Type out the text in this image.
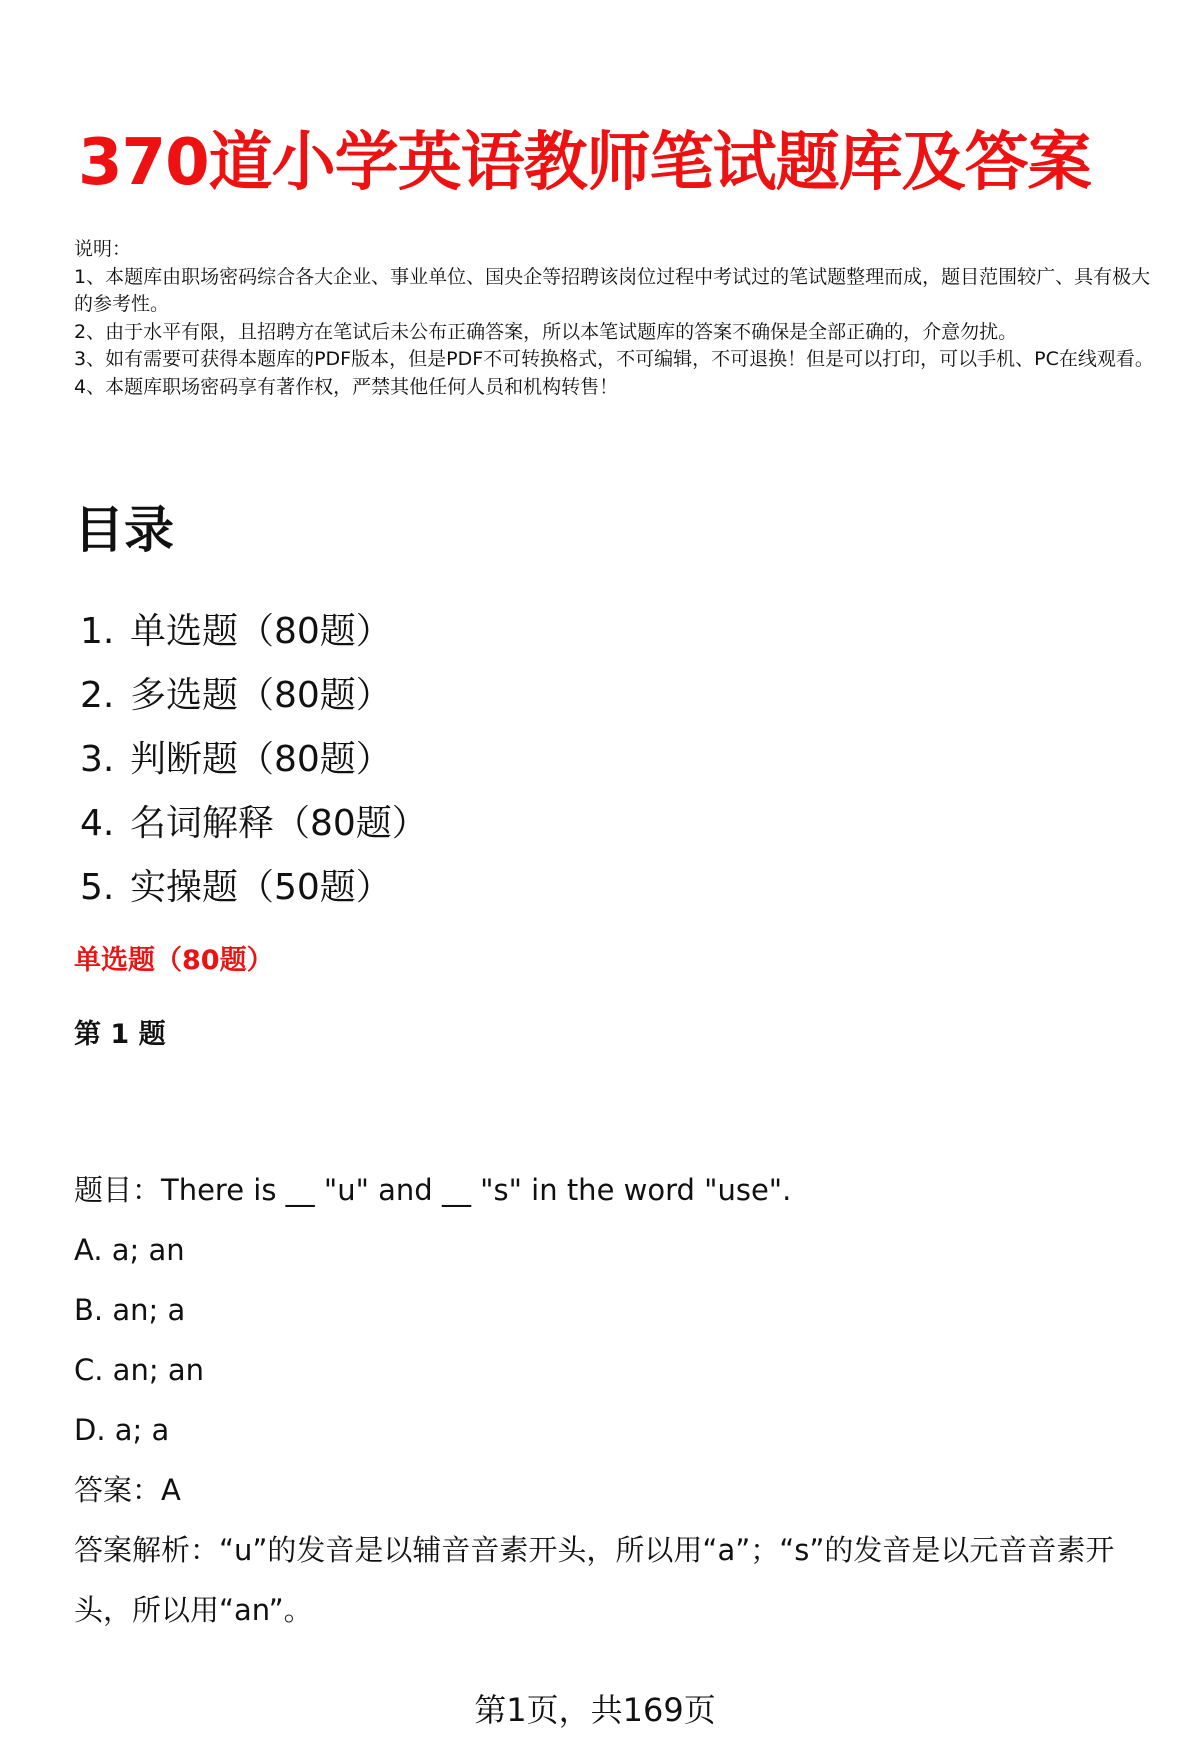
370道小学英语教师笔试题库及答案

说明：

1、本题库由职场密码综合各大企业、事业单位、国央企等招聘该岗位过程中考试过的笔试题整理而成，题目范围较广、具有极大的参考性。

2、由于水平有限，且招聘方在笔试后未公布正确答案，所以本笔试题库的答案不确保是全部正确的，介意勿扰。

3、如有需要可获得本题库的PDF版本，但是PDF不可转换格式，不可编辑，不可退换！但是可以打印，可以手机、PC在线观看。

4、本题库职场密码享有著作权，严禁其他任何人员和机构转售！

目录
1. 单选题（80题）
2. 多选题（80题）
3. 判断题（80题）
4. 名词解释（80题）
5. 实操题（50题）
单选题（80题）
第 1 题
题目：There is __ "u" and __ "s" in the word "use".
A. a; an
B. an; a
C. an; an
D. a; a
答案：A
答案解析：“u”的发音是以辅音音素开头，所以用“a”；“s”的发音是以元音音素开头，所以用“an”。
第1页，共169页
